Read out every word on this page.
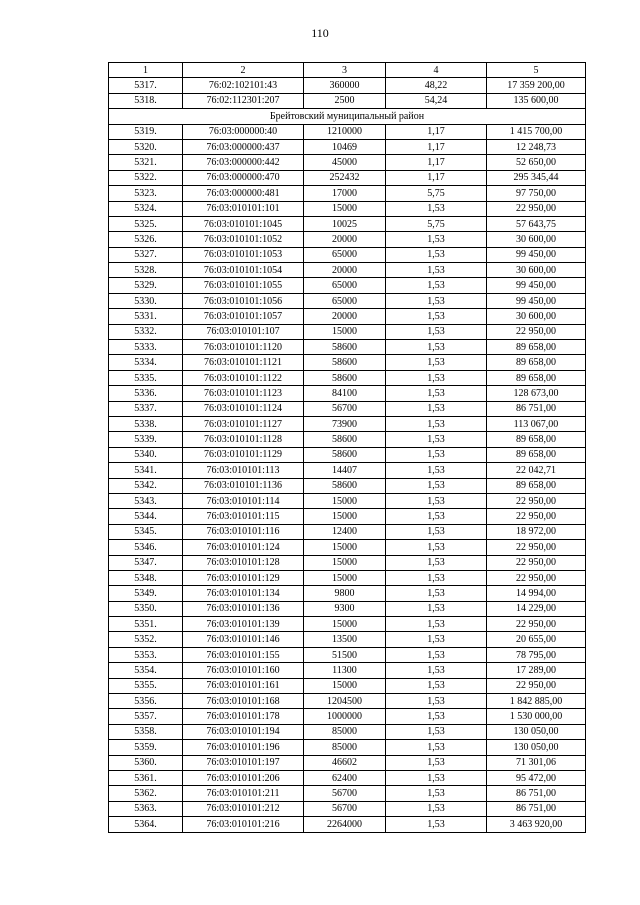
110
1	2	3	4	5
5317.	76:02:102101:43	360000	48,22	17 359 200,00
5318.	76:02:112301:207	2500	54,24	135 600,00
Брейтовский муниципальный район				
5319.	76:03:000000:40	1210000	1,17	1 415 700,00
5320.	76:03:000000:437	10469	1,17	12 248,73
5321.	76:03:000000:442	45000	1,17	52 650,00
5322.	76:03:000000:470	252432	1,17	295 345,44
5323.	76:03:000000:481	17000	5,75	97 750,00
5324.	76:03:010101:101	15000	1,53	22 950,00
5325.	76:03:010101:1045	10025	5,75	57 643,75
5326.	76:03:010101:1052	20000	1,53	30 600,00
5327.	76:03:010101:1053	65000	1,53	99 450,00
5328.	76:03:010101:1054	20000	1,53	30 600,00
5329.	76:03:010101:1055	65000	1,53	99 450,00
5330.	76:03:010101:1056	65000	1,53	99 450,00
5331.	76:03:010101:1057	20000	1,53	30 600,00
5332.	76:03:010101:107	15000	1,53	22 950,00
5333.	76:03:010101:1120	58600	1,53	89 658,00
5334.	76:03:010101:1121	58600	1,53	89 658,00
5335.	76:03:010101:1122	58600	1,53	89 658,00
5336.	76:03:010101:1123	84100	1,53	128 673,00
5337.	76:03:010101:1124	56700	1,53	86 751,00
5338.	76:03:010101:1127	73900	1,53	113 067,00
5339.	76:03:010101:1128	58600	1,53	89 658,00
5340.	76:03:010101:1129	58600	1,53	89 658,00
5341.	76:03:010101:113	14407	1,53	22 042,71
5342.	76:03:010101:1136	58600	1,53	89 658,00
5343.	76:03:010101:114	15000	1,53	22 950,00
5344.	76:03:010101:115	15000	1,53	22 950,00
5345.	76:03:010101:116	12400	1,53	18 972,00
5346.	76:03:010101:124	15000	1,53	22 950,00
5347.	76:03:010101:128	15000	1,53	22 950,00
5348.	76:03:010101:129	15000	1,53	22 950,00
5349.	76:03:010101:134	9800	1,53	14 994,00
5350.	76:03:010101:136	9300	1,53	14 229,00
5351.	76:03:010101:139	15000	1,53	22 950,00
5352.	76:03:010101:146	13500	1,53	20 655,00
5353.	76:03:010101:155	51500	1,53	78 795,00
5354.	76:03:010101:160	11300	1,53	17 289,00
5355.	76:03:010101:161	15000	1,53	22 950,00
5356.	76:03:010101:168	1204500	1,53	1 842 885,00
5357.	76:03:010101:178	1000000	1,53	1 530 000,00
5358.	76:03:010101:194	85000	1,53	130 050,00
5359.	76:03:010101:196	85000	1,53	130 050,00
5360.	76:03:010101:197	46602	1,53	71 301,06
5361.	76:03:010101:206	62400	1,53	95 472,00
5362.	76:03:010101:211	56700	1,53	86 751,00
5363.	76:03:010101:212	56700	1,53	86 751,00
5364.	76:03:010101:216	2264000	1,53	3 463 920,00
